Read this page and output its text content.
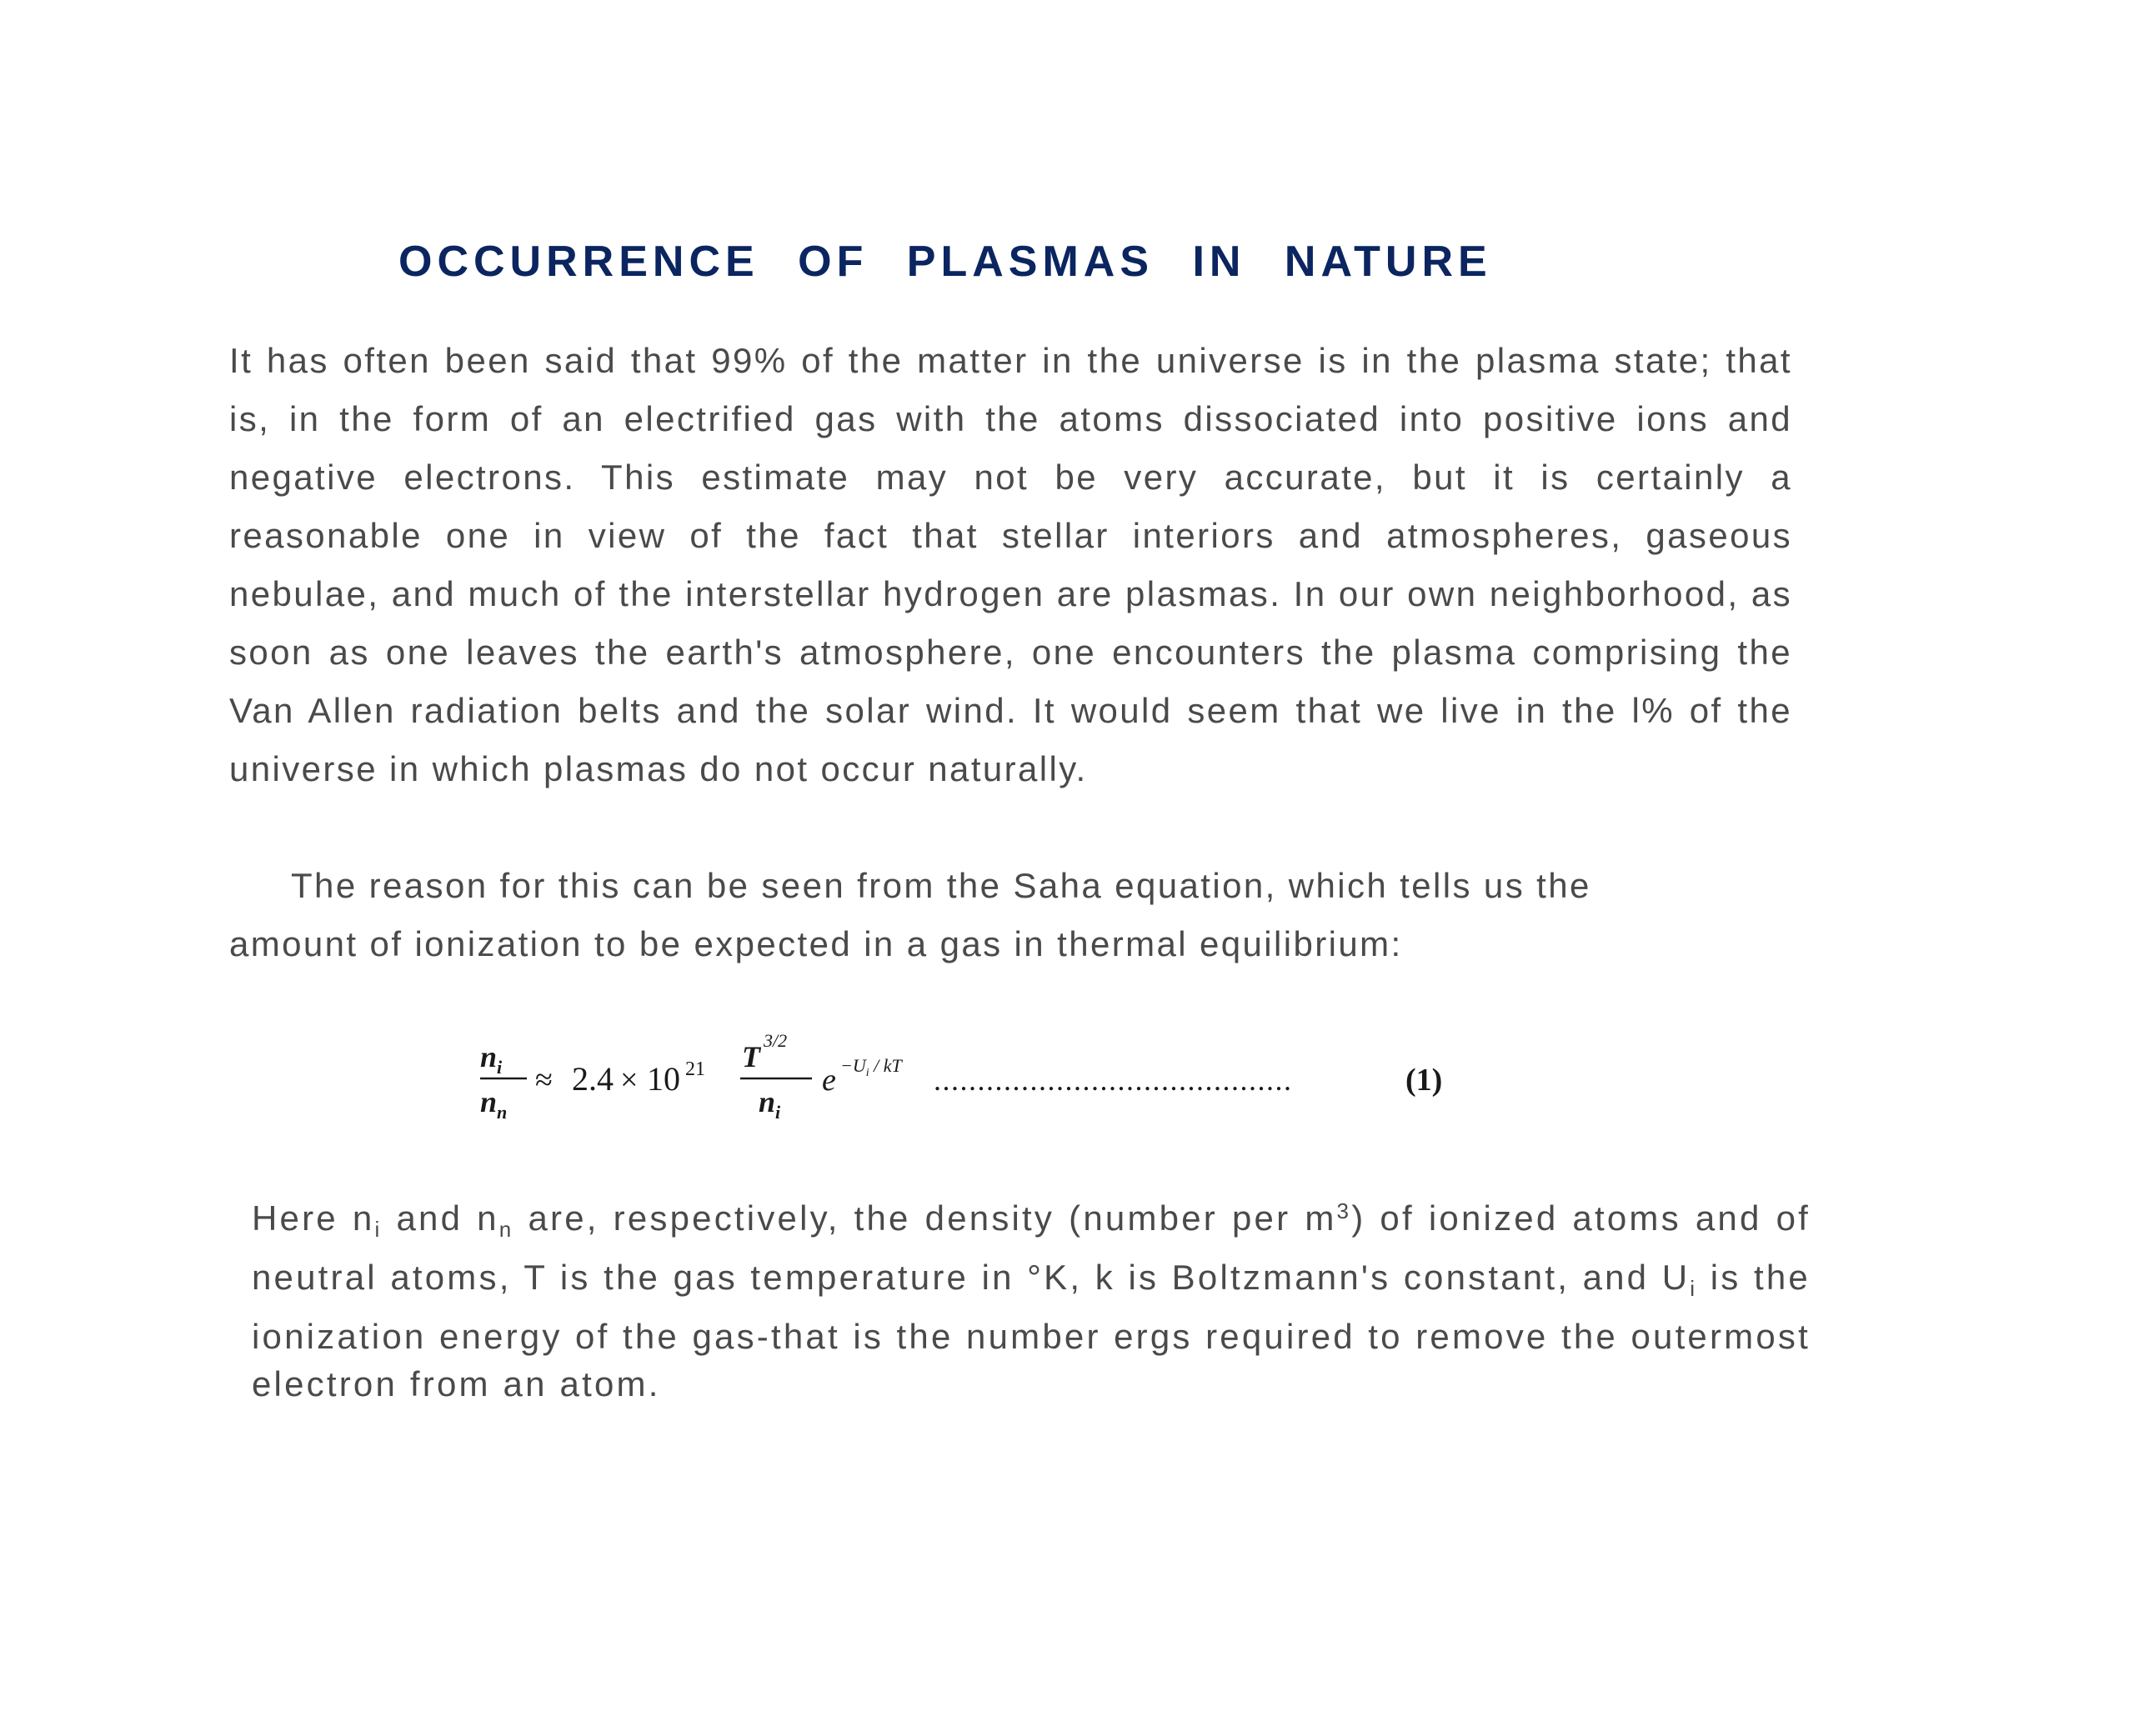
OCCURRENCE OF PLASMAS IN NATURE

It has often been said that 99% of the matter in the universe is in the plasma state; that is, in the form of an electrified gas with the atoms dissociated into positive ions and negative electrons. This estimate may not be very accurate, but it is certainly a reasonable one in view of the fact that stellar interiors and atmospheres, gaseous nebulae, and much of the interstellar hydrogen are plasmas. In our own neighborhood, as soon as one leaves the earth's atmosphere, one encounters the plasma comprising the Van Allen radiation belts and the solar wind. It would seem that we live in the l% of the universe in which plasmas do not occur naturally.

The reason for this can be seen from the Saha equation, which tells us the
amount of ionization to be expected in a gas in thermal equilibrium:

$n_i$
$n_n$
≈ 2.4 × 10 21 T 3/2
$n_i$
$e -U_i$ / kT .........................................	(1)

Here $n_i$ and $n_n$ are, respectively, the density (number per $m^3$) of ionized atoms and of neutral atoms, T is the gas temperature in °K, k is Boltzmann's constant, and $U_i$ is the ionization energy of the gas-that is the number ergs required to remove the outermost electron from an atom.
